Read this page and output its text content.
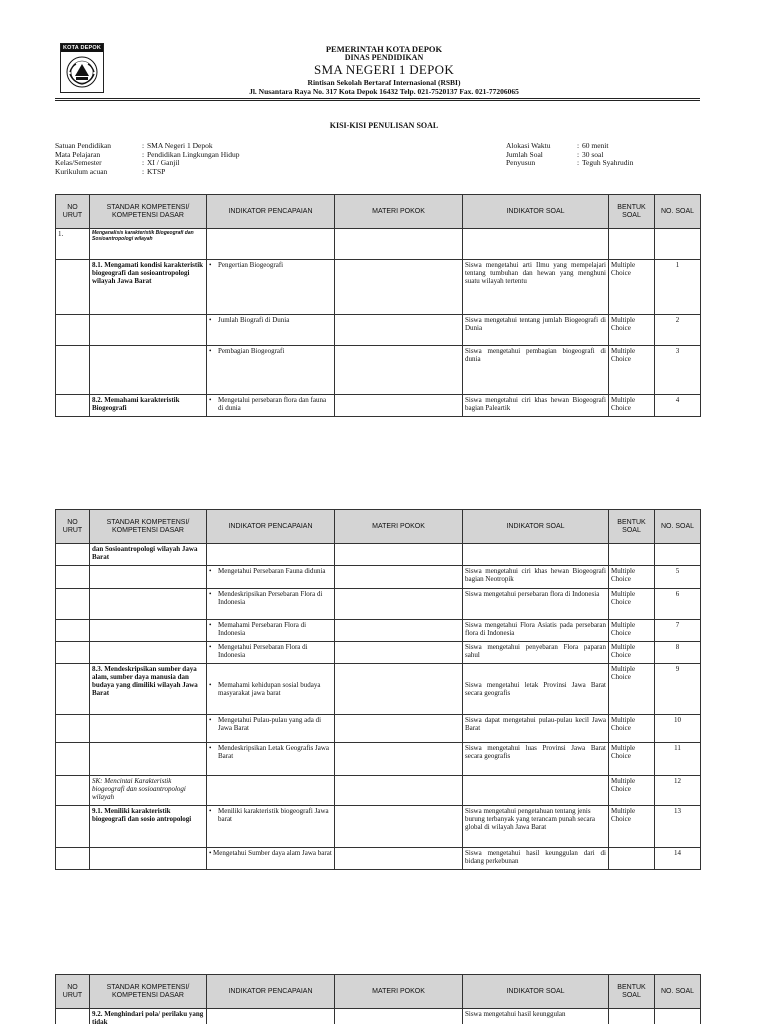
KOTA DEPOK	PEMERINTAH KOTA DEPOK
DINAS PENDIDIKAN
SMA NEGERI 1 DEPOK
Rintisan Sekolah Bertaraf Internasional (RSBI)
Jl. Nusantara Raya No. 317 Kota Depok 16432 Telp. 021-7520137 Fax. 021-77206065
KISI-KISI PENULISAN SOAL
Satuan Pendidikan	: SMA Negeri 1 Depok
Mata Pelajaran	: Pendidikan Lingkungan Hidup
Kelas/Semester	: XI / Ganjil
Kurikulum acuan	: KTSP
Alokasi Waktu	: 60 menit
Jumlah Soal	: 30 soal
Penyusun	: Teguh Syahrudin
NO URUT	STANDAR KOMPETENSI/ KOMPETENSI DASAR	INDIKATOR PENCAPAIAN	MATERI POKOK	INDIKATOR SOAL	BENTUK SOAL	NO. SOAL
1.	Menganalisis karakteristik Biogeografi dan Sosioantropologi wilayah					

	8.1. Mengamati kondisi karakteristik biogeografi dan sosioantropologi wilayah Jawa Barat	• Pengertian Biogeografi		Siswa mengetahui arti Ilmu yang mempelajari tentang tumbuhan dan hewan yang menghuni suatu wilayah tertentu	Multiple Choice	1

		• Jumlah Biografi di Dunia		Siswa mengetahui tentang jumlah Biogeografi di Dunia	Multiple Choice	2

		• Pembagian Biogeografi		Siswa mengetahui pembagian biogeografi di dunia	Multiple Choice	3
	8.2. Memahami karakteristik Biogeografi	• Mengetalui persebaran flora dan fauna di dunia		Siswa mengetahui ciri khas hewan Biogeografi bagian Paleartik	Multiple Choice	4
NO URUT	STANDAR KOMPETENSI/ KOMPETENSI DASAR	INDIKATOR PENCAPAIAN	MATERI POKOK	INDIKATOR SOAL	BENTUK SOAL	NO. SOAL
	dan Sosioantropologi wilayah Jawa Barat					

		• Mengetahui Persebaran Fauna didunia		Siswa mengetahui ciri khas hewan Biogeografi bagian Neotropik	Multiple Choice	5

		• Mendeskripsikan Persebaran Flora di Indonesia		Siswa mengetahui persebaran flora di Indonesia	Multiple Choice	6

		• Memahami Persebaran Flora di Indonesia		Siswa mengetahui Flora Asiatis pada persebaran flora di Indonesia	Multiple Choice	7

		• Mengetahui Persebaran Flora di Indonesia		Siswa mengetahui penyebaran Flora paparan sahul	Multiple Choice	8
	8.3. Mendeskripsikan sumber daya alam, sumber daya manusia dan budaya yang dimiliki wilayah Jawa Barat	• Memahami kehidupan sosial budaya masyarakat jawa barat		Siswa mengetahui letak Provinsi Jawa Barat secara geografis	Multiple Choice	9

		• Mengetahui Pulau-pulau yang ada di Jawa Barat		Siswa dapat mengetahui pulau-pulau kecil Jawa Barat	Multiple Choice	10

		• Mendeskripsikan Letak Geografis Jawa Barat		Siswa mengetahui luas Provinsi Jawa Barat secara geografis	Multiple Choice	11
	SK: Mencintai Karakteristik biogeografi dan sosioantropologi wilayah				Multiple Choice	12
	9.1. Meniliki karakteristik biogeografi dan sosio antropologi	• Meniliki karakteristik biogeografi Jawa barat		Siswa mengetahui pengetahuan tentang jenis burung terbanyak yang terancam punah secara global di wilayah Jawa Barat	Multiple Choice	13

		• Mengetahui Sumber daya alam Jawa barat		Siswa mengetahui hasil keunggulan dari di bidang perkebunan		14
NO URUT	STANDAR KOMPETENSI/ KOMPETENSI DASAR	INDIKATOR PENCAPAIAN	MATERI POKOK	INDIKATOR SOAL	BENTUK SOAL	NO. SOAL
	9.2. Menghindari pola/ perilaku yang tidak			Siswa mengetahui hasil keunggulan		
